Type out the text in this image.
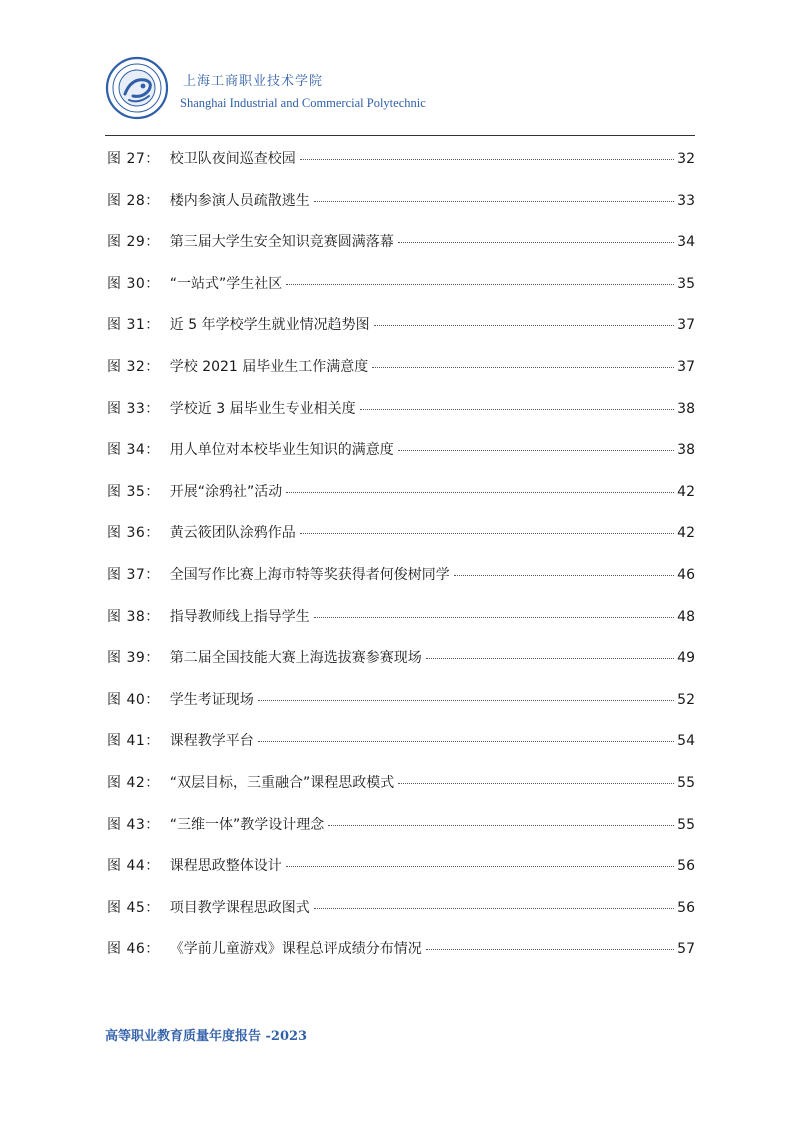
上海工商职业技术学院
Shanghai Industrial and Commercial Polytechnic
图 27： 校卫队夜间巡查校园	32
图 28： 楼内参演人员疏散逃生	33
图 29： 第三届大学生安全知识竞赛圆满落幕	34
图 30： “一站式”学生社区	35
图 31： 近 5 年学校学生就业情况趋势图	37
图 32： 学校 2021 届毕业生工作满意度	37
图 33： 学校近 3 届毕业生专业相关度	38
图 34： 用人单位对本校毕业生知识的满意度	38
图 35： 开展“涂鸦社”活动	42
图 36： 黄云筱团队涂鸦作品	42
图 37： 全国写作比赛上海市特等奖获得者何俊树同学	46
图 38： 指导教师线上指导学生	48
图 39： 第二届全国技能大赛上海选拔赛参赛现场	49
图 40： 学生考证现场	52
图 41： 课程教学平台	54
图 42： “双层目标，三重融合”课程思政模式	55
图 43： “三维一体”教学设计理念	55
图 44： 课程思政整体设计	56
图 45： 项目教学课程思政图式	56
图 46： 《学前儿童游戏》课程总评成绩分布情况	57
高等职业教育质量年度报告 -2023
